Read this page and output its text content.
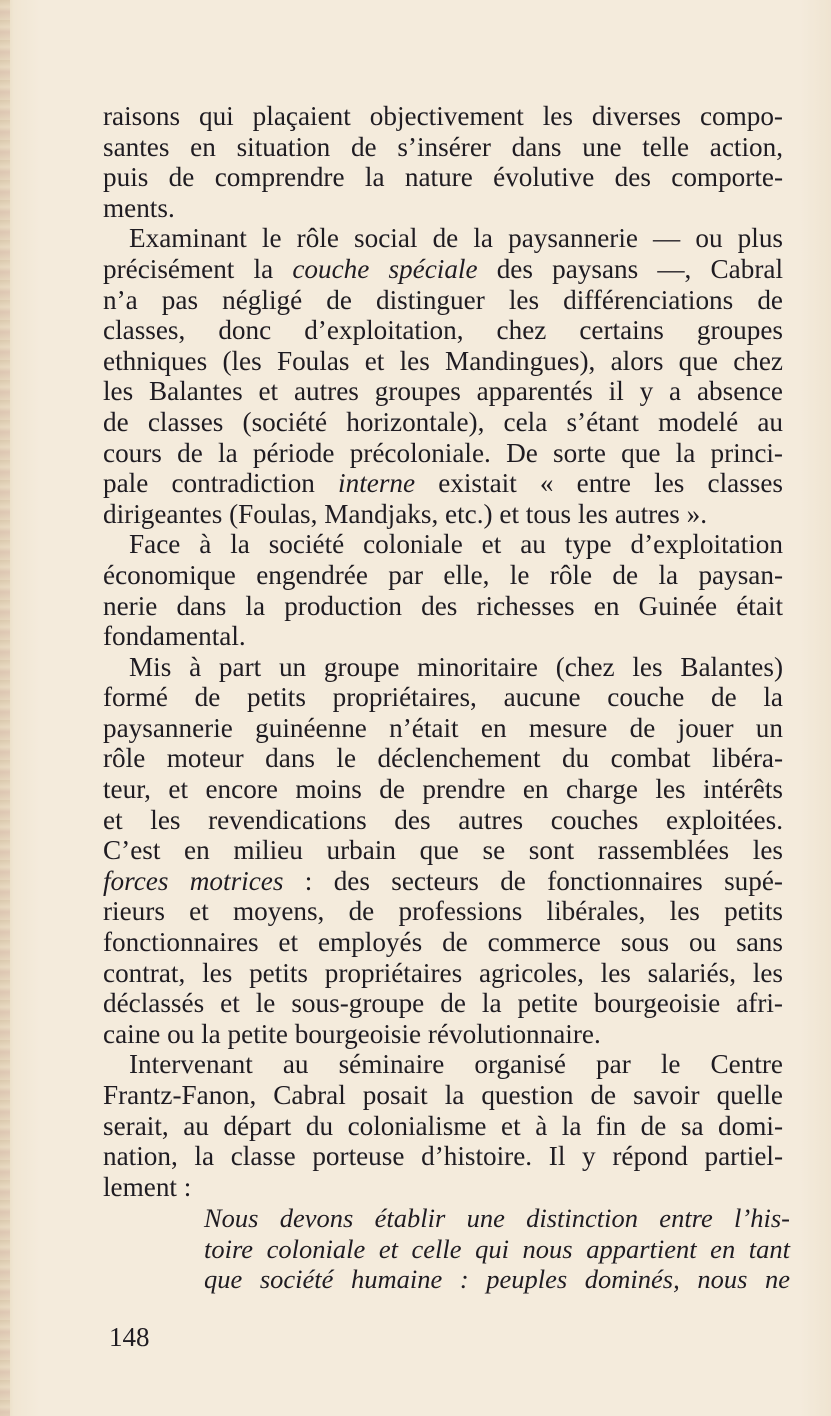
raisons qui plaçaient objectivement les diverses compo-
santes en situation de s’insérer dans une telle action,
puis de comprendre la nature évolutive des comporte-
ments.
Examinant le rôle social de la paysannerie — ou plus
précisément la couche spéciale des paysans —, Cabral
n’a pas négligé de distinguer les différenciations de
classes, donc d’exploitation, chez certains groupes
ethniques (les Foulas et les Mandingues), alors que chez
les Balantes et autres groupes apparentés il y a absence
de classes (société horizontale), cela s’étant modelé au
cours de la période précoloniale. De sorte que la princi-
pale contradiction interne existait « entre les classes
dirigeantes (Foulas, Mandjaks, etc.) et tous les autres ».
Face à la société coloniale et au type d’exploitation
économique engendrée par elle, le rôle de la paysan-
nerie dans la production des richesses en Guinée était
fondamental.
Mis à part un groupe minoritaire (chez les Balantes)
formé de petits propriétaires, aucune couche de la
paysannerie guinéenne n’était en mesure de jouer un
rôle moteur dans le déclenchement du combat libéra-
teur, et encore moins de prendre en charge les intérêts
et les revendications des autres couches exploitées.
C’est en milieu urbain que se sont rassemblées les
forces motrices : des secteurs de fonctionnaires supé-
rieurs et moyens, de professions libérales, les petits
fonctionnaires et employés de commerce sous ou sans
contrat, les petits propriétaires agricoles, les salariés, les
déclassés et le sous-groupe de la petite bourgeoisie afri-
caine ou la petite bourgeoisie révolutionnaire.
Intervenant au séminaire organisé par le Centre
Frantz-Fanon, Cabral posait la question de savoir quelle
serait, au départ du colonialisme et à la fin de sa domi-
nation, la classe porteuse d’histoire. Il y répond partiel-
lement :
Nous devons établir une distinction entre l’his-
toire coloniale et celle qui nous appartient en tant
que société humaine : peuples dominés, nous ne
148
